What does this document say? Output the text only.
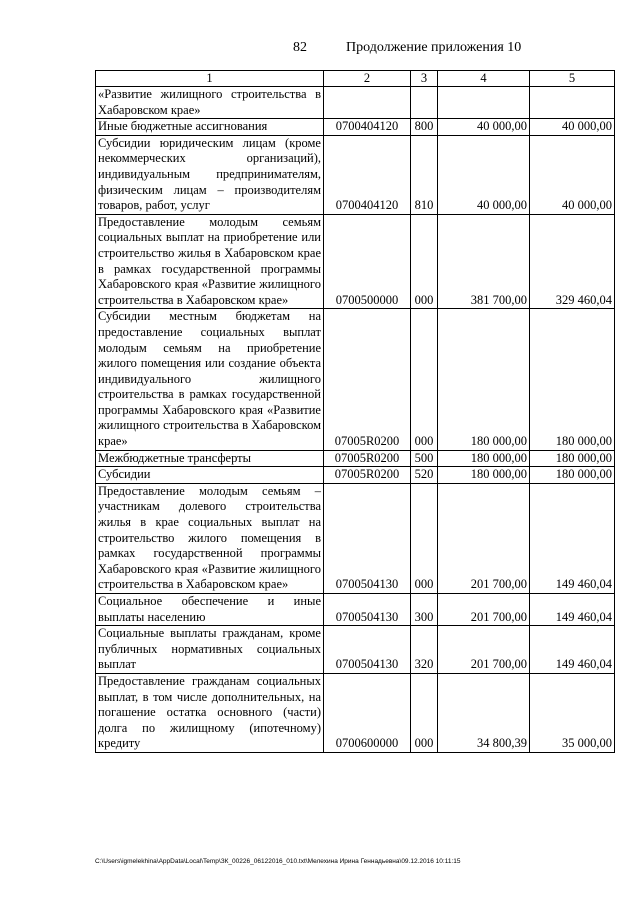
82	Продолжение приложения 10
1	2	3	4	5
«Развитие жилищного строительства в Хабаровском крае»				
Иные бюджетные ассигнования	0700404120	800	40 000,00	40 000,00
Субсидии юридическим лицам (кроме некоммерческих организаций), индивидуальным предпринимателям, физическим лицам – производителям товаров, работ, услуг	0700404120	810	40 000,00	40 000,00
Предоставление молодым семьям социальных выплат на приобретение или строительство жилья в Хабаровском крае в рамках государственной программы Хабаровского края «Развитие жилищного строительства в Хабаровском крае»	0700500000	000	381 700,00	329 460,04
Субсидии местным бюджетам на предоставление социальных выплат молодым семьям на приобретение жилого помещения или создание объекта индивидуального жилищного строительства в рамках государственной программы Хабаровского края «Развитие жилищного строительства в Хабаровском крае»	07005R0200	000	180 000,00	180 000,00
Межбюджетные трансферты	07005R0200	500	180 000,00	180 000,00
Субсидии	07005R0200	520	180 000,00	180 000,00
Предоставление молодым семьям – участникам долевого строительства жилья в крае социальных выплат на строительство жилого помещения в рамках государственной программы Хабаровского края «Развитие жилищного строительства в Хабаровском крае»	0700504130	000	201 700,00	149 460,04
Социальное обеспечение и иные выплаты населению	0700504130	300	201 700,00	149 460,04
Социальные выплаты гражданам, кроме публичных нормативных социальных выплат	0700504130	320	201 700,00	149 460,04
Предоставление гражданам социальных выплат, в том числе дополнительных, на погашение остатка основного (части) долга по жилищному (ипотечному) кредиту	0700600000	000	34 800,39	35 000,00
C:\Users\igmelekhina\AppData\Local\Temp\ЗК_00226_06122016_010.txt\Мелехина Ирина Геннадьевна\09.12.2016 10:11:15
